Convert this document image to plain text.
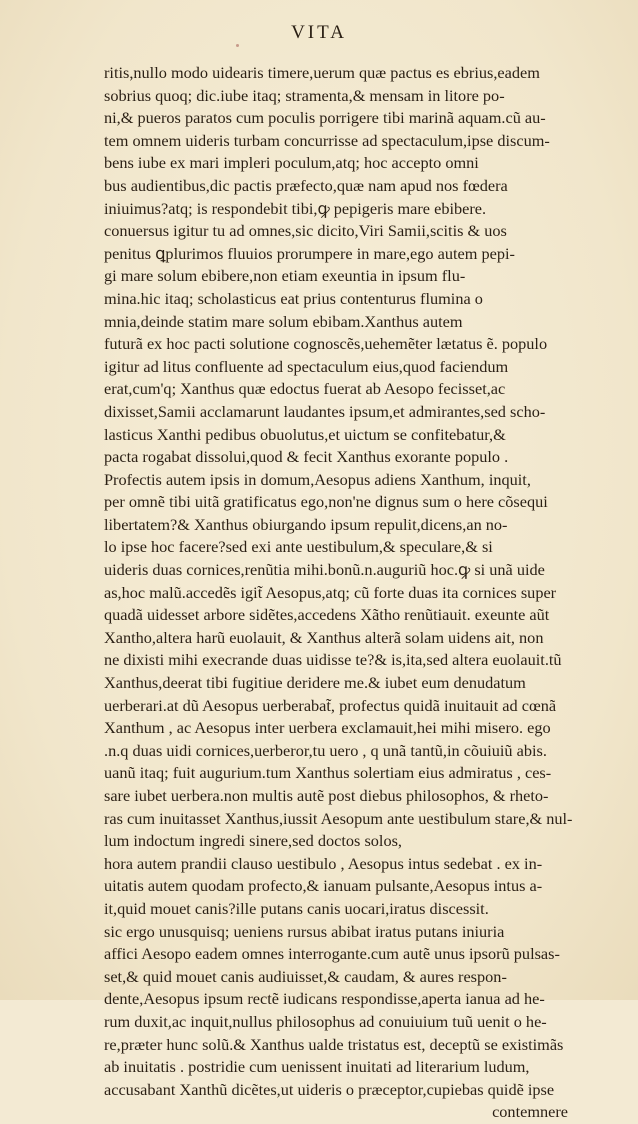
VITA
ritis,nullo modo uidearis timere,uerum quæ pactus es ebrius,eadem
sobrius quoq; dic.iube itaq; stramenta,& mensam in litore po-
ni,& pueros paratos cum poculis porrigere tibi marinã aquam.cũ au-
tem omnem uideris turbam concurrisse ad spectaculum,ipse discum-
bens iube ex mari impleri poculum,atq; hoc accepto omni
bus audientibus,dic pactis præfecto,quæ nam apud nos fœdera
iniuimus?atq; is respondebit tibi,ꝙ pepigeris mare ebibere.
conuersus igitur tu ad omnes,sic dicito,Viri Samii,scitis & uos
penitus ꝗplurimos fluuios prorumpere in mare,ego autem pepi-
gi mare solum ebibere,non etiam exeuntia in ipsum flu-
mina.hic itaq; scholasticus eat prius contenturus flumina o
mnia,deinde statim mare solum ebibam.Xanthus autem
futurã ex hoc pacti solutione cognoscẽs,uehemẽter lætatus ẽ. populo
igitur ad litus confluente ad spectaculum eius,quod faciendum
erat,cum'q; Xanthus quæ edoctus fuerat ab Aesopo fecisset,ac
dixisset,Samii acclamarunt laudantes ipsum,et admirantes,sed scho-
lasticus Xanthi pedibus obuolutus,et uictum se confitebatur,&
pacta rogabat dissolui,quod & fecit Xanthus exorante populo .
Profectis autem ipsis in domum,Aesopus adiens Xanthum, inquit,
per omnẽ tibi uitã gratificatus ego,non'ne dignus sum o here cõsequi
libertatem?& Xanthus obiurgando ipsum repulit,dicens,an no-
lo ipse hoc facere?sed exi ante uestibulum,& speculare,& si
uideris duas cornices,renũtia mihi.bonũ.n.auguriũ hoc.ꝙ si unã uide
as,hoc malũ.accedẽs igit̃ Aesopus,atq; cũ forte duas ita cornices super
quadã uidesset arbore sidẽtes,accedens Xãtho renũtiauit. exeunte aũt
Xantho,altera harũ euolauit, & Xanthus alterã solam uidens ait, non
ne dixisti mihi execrande duas uidisse te?& is,ita,sed altera euolauit.tũ
Xanthus,deerat tibi fugitiue deridere me.& iubet eum denudatum
uerberari.at dũ Aesopus uerberabat̃, profectus quidã inuitauit ad cœnã
Xanthum , ac Aesopus inter uerbera exclamauit,hei mihi misero. ego
.n.q duas uidi cornices,uerberor,tu uero , q unã tantũ,in cõuiuiũ abis.
uanũ itaq; fuit augurium.tum Xanthus solertiam eius admiratus , ces-
sare iubet uerbera.non multis autẽ post diebus philosophos, & rheto-
ras cum inuitasset Xanthus,iussit Aesopum ante uestibulum stare,& nul-
lum indoctum ingredi sinere,sed doctos solos,
hora autem prandii clauso uestibulo , Aesopus intus sedebat . ex in-
uitatis autem quodam profecto,& ianuam pulsante,Aesopus intus a-
it,quid mouet canis?ille putans canis uocari,iratus discessit.
sic ergo unusquisq; ueniens rursus abibat iratus putans iniuria
affici Aesopo eadem omnes interrogante.cum autẽ unus ipsorũ pulsas-
set,& quid mouet canis audiuisset,& caudam, & aures respon-
dente,Aesopus ipsum rectẽ iudicans respondisse,aperta ianua ad he-
rum duxit,ac inquit,nullus philosophus ad conuiuium tuũ uenit o he-
re,præter hunc solũ.& Xanthus ualde tristatus est, deceptũ se existimãs
ab inuitatis . postridie cum uenissent inuitati ad literarium ludum,
accusabant Xanthũ dicẽtes,ut uideris o præceptor,cupiebas quidẽ ipse
contemnere
